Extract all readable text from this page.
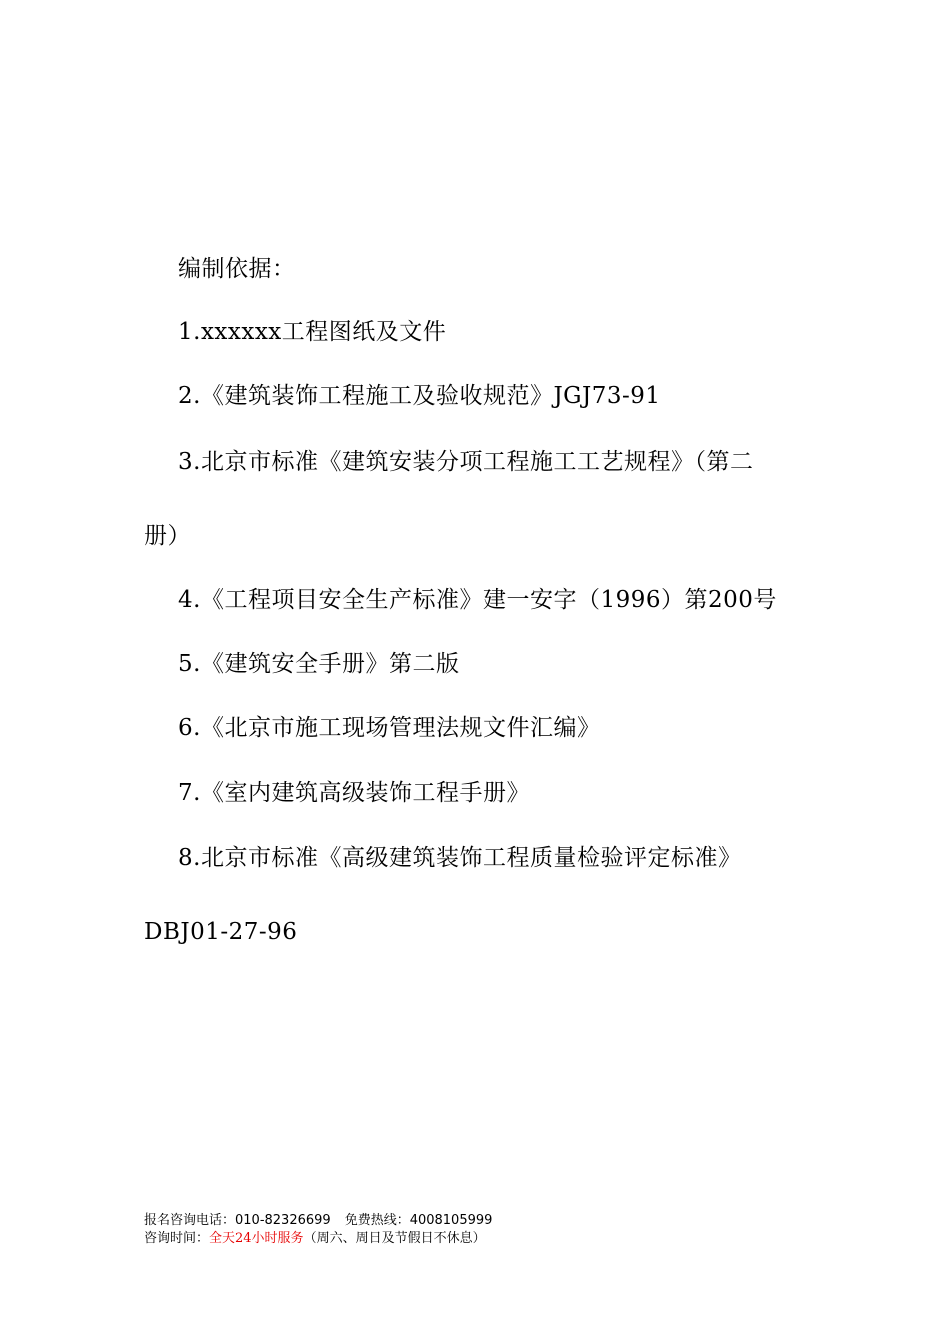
编制依据：
1.xxxxxx工程图纸及文件
2.《建筑装饰工程施工及验收规范》JGJ73-91
3.北京市标准《建筑安装分项工程施工工艺规程》（第二
册）
4.《工程项目安全生产标准》建一安字（1996）第200号
5.《建筑安全手册》第二版
6.《北京市施工现场管理法规文件汇编》
7.《室内建筑高级装饰工程手册》
8.北京市标准《高级建筑装饰工程质量检验评定标准》
DBJ01-27-96
报名咨询电话：010-82326699 免费热线：4008105999
咨询时间：全天24小时服务（周六、周日及节假日不休息）
